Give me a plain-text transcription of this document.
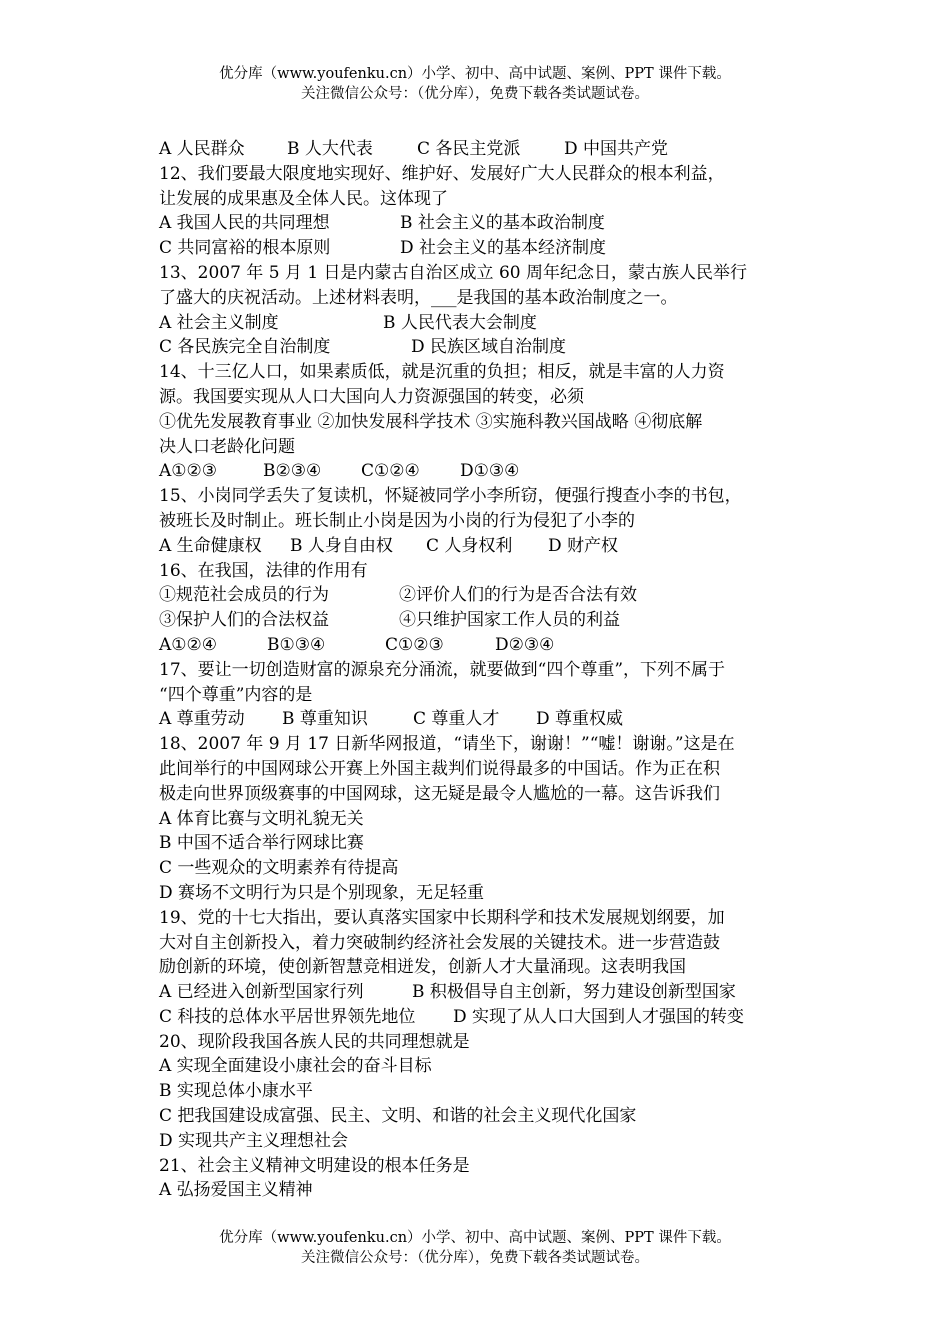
优分库（www.youfenku.cn）小学、初中、高中试题、案例、PPT 课件下载。
关注微信公众号：（优分库），免费下载各类试题试卷。
A 人民群众 B 人大代表	C 各民主党派	D 中国共产党
12、我们要最大限度地实现好、维护好、发展好广大人民群众的根本利益，
让发展的成果惠及全体人民。这体现了
A 我国人民的共同理想	B 社会主义的基本政治制度
C 共同富裕的根本原则	D 社会主义的基本经济制度
13、2007 年 5 月 1 日是内蒙古自治区成立 60 周年纪念日，蒙古族人民举行
了盛大的庆祝活动。上述材料表明，___是我国的基本政治制度之一。
A 社会主义制度	B 人民代表大会制度
C 各民族完全自治制度	D 民族区域自治制度
14、十三亿人口，如果素质低，就是沉重的负担；相反，就是丰富的人力资
源。我国要实现从人口大国向人力资源强国的转变，必须
①优先发展教育事业 ②加快发展科学技术 ③实施科教兴国战略 ④彻底解
决人口老龄化问题
A①②③	B②③④ C①②④ D①③④
15、小岗同学丢失了复读机，怀疑被同学小李所窃，便强行搜查小李的书包，
被班长及时制止。班长制止小岗是因为小岗的行为侵犯了小李的
A 生命健康权 B 人身自由权 C 人身权利 D 财产权
16、在我国，法律的作用有
①规范社会成员的行为	②评价人们的行为是否合法有效
③保护人们的合法权益	④只维护国家工作人员的利益
A①②④	B①③④	C①②③	D②③④
17、要让一切创造财富的源泉充分涌流，就要做到“四个尊重”，下列不属于
“四个尊重”内容的是
A 尊重劳动 B 尊重知识	C 尊重人才 D 尊重权威
18、2007 年 9 月 17 日新华网报道，“请坐下，谢谢！”“嘘！谢谢。”这是在
此间举行的中国网球公开赛上外国主裁判们说得最多的中国话。作为正在积
极走向世界顶级赛事的中国网球，这无疑是最令人尴尬的一幕。这告诉我们
A 体育比赛与文明礼貌无关
B 中国不适合举行网球比赛
C 一些观众的文明素养有待提高
D 赛场不文明行为只是个别现象，无足轻重
19、党的十七大指出，要认真落实国家中长期科学和技术发展规划纲要，加
大对自主创新投入，着力突破制约经济社会发展的关键技术。进一步营造鼓
励创新的环境，使创新智慧竞相迸发，创新人才大量涌现。这表明我国
A 已经进入创新型国家行列	B 积极倡导自主创新，努力建设创新型国家
C 科技的总体水平居世界领先地位 D 实现了从人口大国到人才强国的转变
20、现阶段我国各族人民的共同理想就是
A 实现全面建设小康社会的奋斗目标
B 实现总体小康水平
C 把我国建设成富强、民主、文明、和谐的社会主义现代化国家
D 实现共产主义理想社会
21、社会主义精神文明建设的根本任务是
A 弘扬爱国主义精神
优分库（www.youfenku.cn）小学、初中、高中试题、案例、PPT 课件下载。
关注微信公众号：（优分库），免费下载各类试题试卷。
